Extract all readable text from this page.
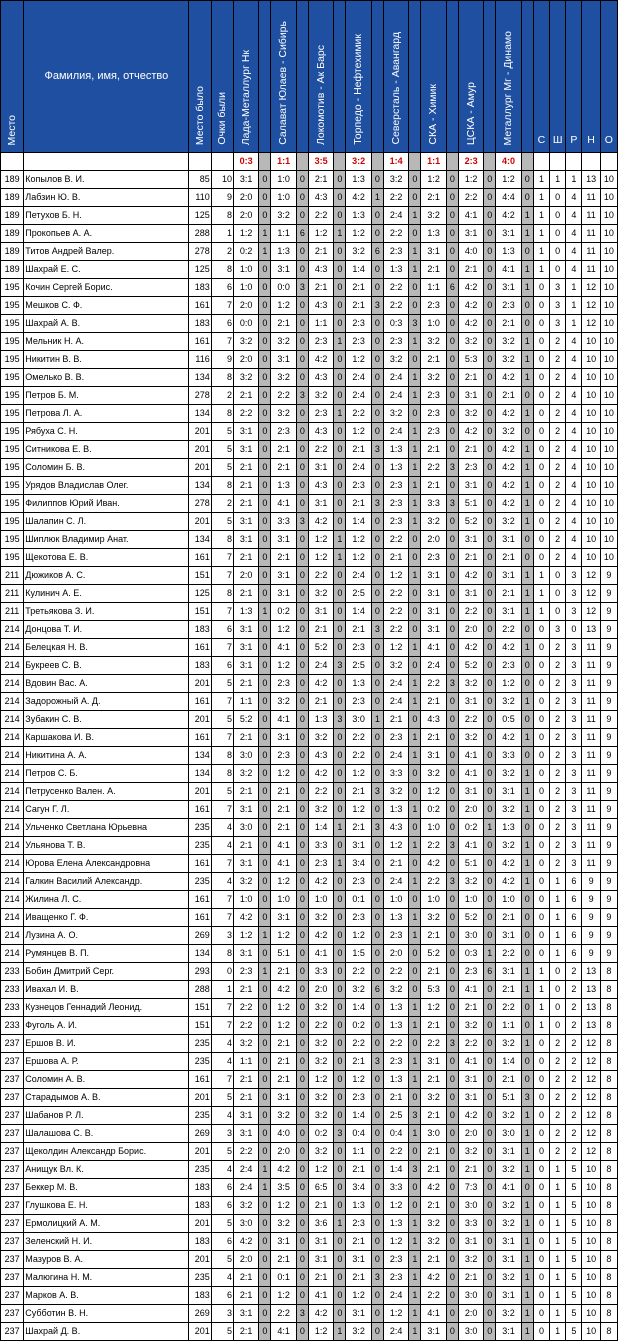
Место	Фамилия, имя, отчество	Место было	Очки были	Лада-Металлург Нк		Салават Юлаев - Сибирь		Локомотив - Ак Барс		Торпедо - Нефтехимик		Северсталь - Авангард		СКА - Химик		ЦСКА - Амур		Металлург Мг - Динамо		С	Ш	Р	Н	О
				0:3		1:1		3:5		3:2		1:4		1:1		2:3		4:0						
189	Копылов В. И.	85	10	3:1	0	1:0	0	2:1	0	1:3	0	3:2	0	1:2	0	1:2	0	1:2	0	1	1	1	13	10
189	Лабзин Ю. В.	110	9	2:0	0	1:0	0	4:3	0	4:2	1	2:2	0	2:1	0	2:2	0	4:4	0	1	0	4	11	10
189	Петухов Б. Н.	125	8	2:0	0	3:2	0	2:2	0	1:3	0	2:4	1	3:2	0	4:1	0	4:2	1	1	0	4	11	10
189	Прокопьев А. А.	288	1	1:2	1	1:1	6	1:2	1	1:2	0	2:2	0	1:3	0	3:1	0	3:1	1	1	0	4	11	10
189	Титов Андрей Валер.	278	2	0:2	1	1:3	0	2:1	0	3:2	6	2:3	1	3:1	0	4:0	0	1:3	0	1	0	4	11	10
189	Шахрай Е. С.	125	8	1:0	0	3:1	0	4:3	0	1:4	0	1:3	1	2:1	0	2:1	0	4:1	1	1	0	4	11	10
195	Кочин Сергей Борис.	183	6	1:0	0	0:0	3	2:1	0	2:1	0	2:2	0	1:1	6	4:2	0	3:1	1	0	3	1	12	10
195	Мешков С. Ф.	161	7	2:0	0	1:2	0	4:3	0	2:1	3	2:2	0	2:3	0	4:2	0	2:3	0	0	3	1	12	10
195	Шахрай А. В.	183	6	0:0	0	2:1	0	1:1	0	2:3	0	0:3	3	1:0	0	4:2	0	2:1	0	0	3	1	12	10
195	Мельник Н. А.	161	7	3:2	0	3:2	0	2:3	1	2:3	0	2:3	1	3:2	0	3:2	0	3:2	1	0	2	4	10	10
195	Никитин В. В.	116	9	2:0	0	3:1	0	4:2	0	1:2	0	3:2	0	2:1	0	5:3	0	3:2	1	0	2	4	10	10
195	Омелько В. В.	134	8	3:2	0	3:2	0	4:3	0	2:4	0	2:4	1	3:2	0	2:1	0	4:2	1	0	2	4	10	10
195	Петров Б. М.	278	2	2:1	0	2:2	3	3:2	0	2:4	0	2:4	1	2:3	0	3:1	0	2:1	0	0	2	4	10	10
195	Петрова Л. А.	134	8	2:2	0	3:2	0	2:3	1	2:2	0	3:2	0	2:3	0	3:2	0	4:2	1	0	2	4	10	10
195	Рябуха С. Н.	201	5	3:1	0	2:3	0	4:3	0	1:2	0	2:4	1	2:3	0	4:2	0	3:2	0	0	2	4	10	10
195	Ситникова Е. В.	201	5	3:1	0	2:1	0	2:2	0	2:1	3	1:3	1	2:1	0	2:1	0	4:2	1	0	2	4	10	10
195	Соломин Б. В.	201	5	2:1	0	2:1	0	3:1	0	2:4	0	1:3	1	2:2	3	2:3	0	4:2	1	0	2	4	10	10
195	Урядов Владислав Олег.	134	8	2:1	0	1:3	0	4:3	0	2:3	0	2:3	1	2:1	0	3:1	0	4:2	1	0	2	4	10	10
195	Филиппов Юрий Иван.	278	2	2:1	0	4:1	0	3:1	0	2:1	3	2:3	1	3:3	3	5:1	0	4:2	1	0	2	4	10	10
195	Шалапин С. Л.	201	5	3:1	0	3:3	3	4:2	0	1:4	0	2:3	1	3:2	0	5:2	0	3:2	1	0	2	4	10	10
195	Шиплюк Владимир Анат.	134	8	3:1	0	3:1	0	1:2	1	1:2	0	2:2	0	2:0	0	3:1	0	3:1	0	0	2	4	10	10
195	Щекотова Е. В.	161	7	2:1	0	2:1	0	1:2	1	1:2	0	2:1	0	2:3	0	2:1	0	2:1	0	0	2	4	10	10
211	Дюжиков А. С.	151	7	2:0	0	3:1	0	2:2	0	2:4	0	1:2	1	3:1	0	4:2	0	3:1	1	1	0	3	12	9
211	Кулинич А. Е.	125	8	2:1	0	3:1	0	3:2	0	2:5	0	2:2	0	3:1	0	3:1	0	2:1	1	1	0	3	12	9
211	Третьякова З. И.	151	7	1:3	1	0:2	0	3:1	0	1:4	0	2:2	0	3:1	0	2:2	0	3:1	1	1	0	3	12	9
214	Донцова Т. И.	183	6	3:1	0	1:2	0	2:1	0	2:1	3	2:2	0	3:1	0	2:0	0	2:2	0	0	3	0	13	9
214	Белецкая Н. В.	161	7	3:1	0	4:1	0	5:2	0	2:3	0	1:2	1	4:1	0	4:2	0	4:2	1	0	2	3	11	9
214	Букреев С. В.	183	6	3:1	0	1:2	0	2:4	3	2:5	0	3:2	0	2:4	0	5:2	0	2:3	0	0	2	3	11	9
214	Вдовин Вас. А.	201	5	2:1	0	2:3	0	4:2	0	1:3	0	2:4	1	2:2	3	3:2	0	1:2	0	0	2	3	11	9
214	Задорожный А. Д.	161	7	1:1	0	3:2	0	2:1	0	2:3	0	2:4	1	2:1	0	3:1	0	3:2	1	0	2	3	11	9
214	Зубакин С. В.	201	5	5:2	0	4:1	0	1:3	3	3:0	1	2:1	0	4:3	0	2:2	0	0:5	0	0	2	3	11	9
214	Каршакова И. В.	161	7	2:1	0	3:1	0	3:2	0	2:2	0	2:3	1	2:1	0	3:2	0	4:2	1	0	2	3	11	9
214	Никитина А. А.	134	8	3:0	0	2:3	0	4:3	0	2:2	0	2:4	1	3:1	0	4:1	0	3:3	0	0	2	3	11	9
214	Петров С. Б.	134	8	3:2	0	1:2	0	4:2	0	1:2	0	3:3	0	3:2	0	4:1	0	3:2	1	0	2	3	11	9
214	Петрусенко Вален. А.	201	5	2:1	0	2:1	0	2:2	0	2:1	3	3:2	0	1:2	0	3:1	0	3:1	1	0	2	3	11	9
214	Сагун Г. Л.	161	7	3:1	0	2:1	0	3:2	0	1:2	0	1:3	1	0:2	0	2:0	0	3:2	1	0	2	3	11	9
214	Ульченко Светлана Юрьевна	235	4	3:0	0	2:1	0	1:4	1	2:1	3	4:3	0	1:0	0	0:2	1	1:3	0	0	2	3	11	9
214	Ульянова Т. В.	235	4	2:1	0	4:1	0	3:3	0	3:1	0	1:2	1	2:2	3	4:1	0	3:2	1	0	2	3	11	9
214	Юрова Елена Александровна	161	7	3:1	0	4:1	0	2:3	1	3:4	0	2:1	0	4:2	0	5:1	0	4:2	1	0	2	3	11	9
214	Галкин Василий Александр.	235	4	3:2	0	1:2	0	4:2	0	2:3	0	2:4	1	2:2	3	3:2	0	4:2	1	0	1	6	9	9
214	Жилина Л. С.	161	7	1:0	0	1:0	0	1:0	0	0:1	0	1:0	0	1:0	0	1:0	0	1:0	0	0	1	6	9	9
214	Иващенко Г. Ф.	161	7	4:2	0	3:1	0	3:2	0	2:3	0	1:3	1	3:2	0	5:2	0	2:1	0	0	1	6	9	9
214	Лузина А. О.	269	3	1:2	1	1:2	0	4:2	0	1:2	0	2:3	1	2:1	0	3:0	0	3:1	0	0	1	6	9	9
214	Румянцев В. П.	134	8	3:1	0	5:1	0	4:1	0	1:5	0	2:0	0	5:2	0	0:3	1	2:2	0	0	1	6	9	9
233	Бобин Дмитрий Серг.	293	0	2:3	1	2:1	0	3:3	0	2:2	0	2:2	0	2:1	0	2:3	6	3:1	1	1	0	2	13	8
233	Ивахал И. В.	288	1	2:1	0	4:2	0	2:0	0	3:2	6	3:2	0	5:3	0	4:1	0	2:1	1	1	0	2	13	8
233	Кузнецов Геннадий Леонид.	151	7	2:2	0	1:2	0	3:2	0	1:4	0	1:3	1	1:2	0	2:1	0	2:2	0	1	0	2	13	8
233	Фуголь А. И.	151	7	2:2	0	1:2	0	2:2	0	0:2	0	1:3	1	2:1	0	3:2	0	1:1	0	1	0	2	13	8
237	Ершов В. И.	235	4	3:2	0	2:1	0	3:2	0	2:2	0	2:2	0	2:2	3	2:2	0	3:2	1	0	2	2	12	8
237	Ершова А. Р.	235	4	1:1	0	2:1	0	3:2	0	2:1	3	2:3	1	3:1	0	4:1	0	1:4	0	0	2	2	12	8
237	Соломин А. В.	161	7	2:1	0	2:1	0	1:2	0	1:2	0	1:3	1	2:1	0	3:1	0	2:1	0	0	2	2	12	8
237	Старадымов А. В.	201	5	2:1	0	3:1	0	3:2	0	2:3	0	2:1	0	3:2	0	3:1	0	5:1	3	0	2	2	12	8
237	Шабанов Р. Л.	235	4	3:1	0	3:2	0	3:2	0	1:4	0	2:5	3	2:1	0	4:2	0	3:2	1	0	2	2	12	8
237	Шалашова С. В.	269	3	3:1	0	4:0	0	0:2	3	0:4	0	0:4	1	3:0	0	2:0	0	3:0	1	0	2	2	12	8
237	Щеколдин Александр Борис.	201	5	2:2	0	2:0	0	3:2	0	1:1	0	2:2	0	2:1	0	3:2	0	3:1	1	0	2	2	12	8
237	Анищук Вл. К.	235	4	2:4	1	4:2	0	1:2	0	2:1	0	1:4	3	2:1	0	2:1	0	3:2	1	0	1	5	10	8
237	Беккер М. В.	183	6	2:4	1	3:5	0	6:5	0	3:4	0	3:3	0	4:2	0	7:3	0	4:1	0	0	1	5	10	8
237	Глушкова Е. Н.	183	6	3:2	0	1:2	0	2:1	0	1:3	0	1:2	0	2:1	0	3:0	0	3:2	1	0	1	5	10	8
237	Ермолицкий А. М.	201	5	3:0	0	3:2	0	3:6	1	2:3	0	1:3	1	3:2	0	3:3	0	3:2	1	0	1	5	10	8
237	Зеленский Н. И.	183	6	4:2	0	3:1	0	3:1	0	2:1	0	1:2	1	3:2	0	3:1	0	3:1	1	0	1	5	10	8
237	Мазуров В. А.	201	5	2:0	0	2:1	0	3:1	0	3:1	0	2:3	1	2:1	0	3:2	0	3:1	1	0	1	5	10	8
237	Малюгина Н. М.	235	4	2:1	0	0:1	0	2:1	0	2:1	3	2:3	1	4:2	0	2:1	0	3:2	1	0	1	5	10	8
237	Марков А. В.	183	6	2:1	0	1:2	0	4:1	0	1:2	0	2:4	1	2:2	0	3:0	0	3:1	1	0	1	5	10	8
237	Субботин В. Н.	269	3	3:1	0	2:2	3	4:2	0	3:1	0	1:2	1	4:1	0	2:0	0	3:2	1	0	1	5	10	8
237	Шахрай Д. В.	201	5	2:1	0	4:1	0	1:2	1	3:2	0	2:4	1	3:1	0	3:0	0	3:1	1	0	1	5	10	8
